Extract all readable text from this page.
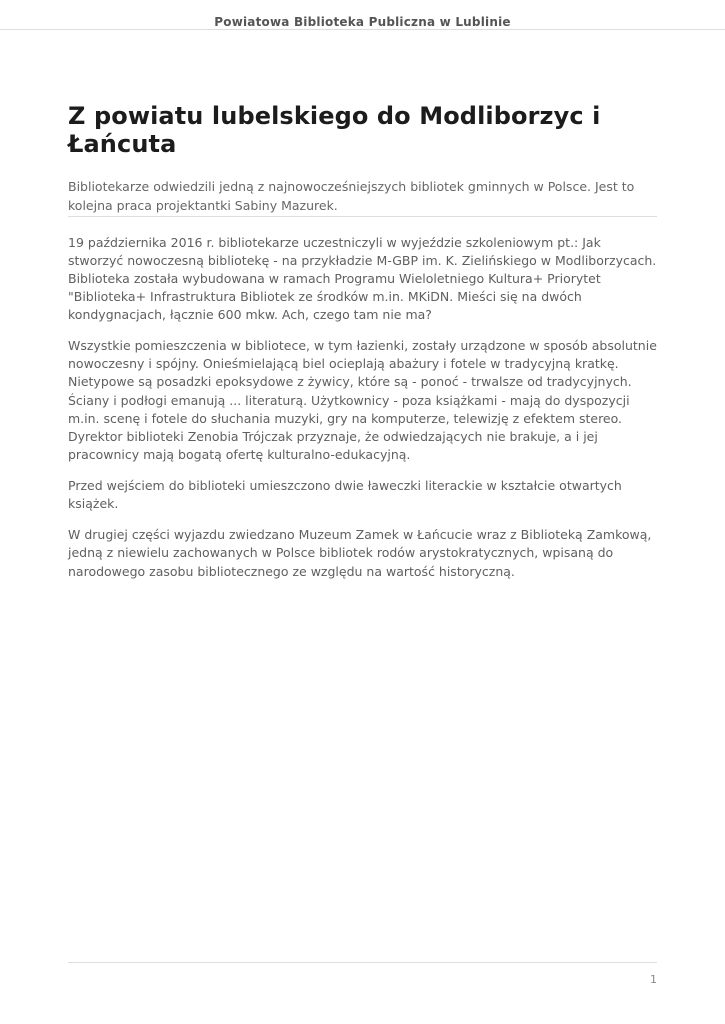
Powiatowa Biblioteka Publiczna w Lublinie
Z powiatu lubelskiego do Modliborzyc i Łańcuta

Bibliotekarze odwiedzili jedną z najnowocześniejszych bibliotek gminnych w Polsce. Jest to kolejna praca projektantki Sabiny Mazurek.

19 października 2016 r. bibliotekarze uczestniczyli w wyjeździe szkoleniowym pt.: Jak stworzyć nowoczesną bibliotekę - na przykładzie M-GBP im. K. Zielińskiego w Modliborzycach. Biblioteka została wybudowana w ramach Programu Wieloletniego Kultura+ Priorytet "Biblioteka+ Infrastruktura Bibliotek ze środków m.in. MKiDN. Mieści się na dwóch kondygnacjach, łącznie 600 mkw. Ach, czego tam nie ma?

Wszystkie pomieszczenia w bibliotece, w tym łazienki, zostały urządzone w sposób absolutnie nowoczesny i spójny. Onieśmielającą biel ocieplają abażury i fotele w tradycyjną kratkę. Nietypowe są posadzki epoksydowe z żywicy, które są - ponoć - trwalsze od tradycyjnych. Ściany i podłogi emanują ... literaturą. Użytkownicy - poza książkami - mają do dyspozycji m.in. scenę i fotele do słuchania muzyki, gry na komputerze, telewizję z efektem stereo. Dyrektor biblioteki Zenobia Trójczak przyznaje, że odwiedzających nie brakuje, a i jej pracownicy mają bogatą ofertę kulturalno-edukacyjną.

Przed wejściem do biblioteki umieszczono dwie ławeczki literackie w kształcie otwartych książek.

W drugiej części wyjazdu zwiedzano Muzeum Zamek w Łańcucie wraz z Biblioteką Zamkową, jedną z niewielu zachowanych w Polsce bibliotek rodów arystokratycznych, wpisaną do narodowego zasobu bibliotecznego ze względu na wartość historyczną.

1
